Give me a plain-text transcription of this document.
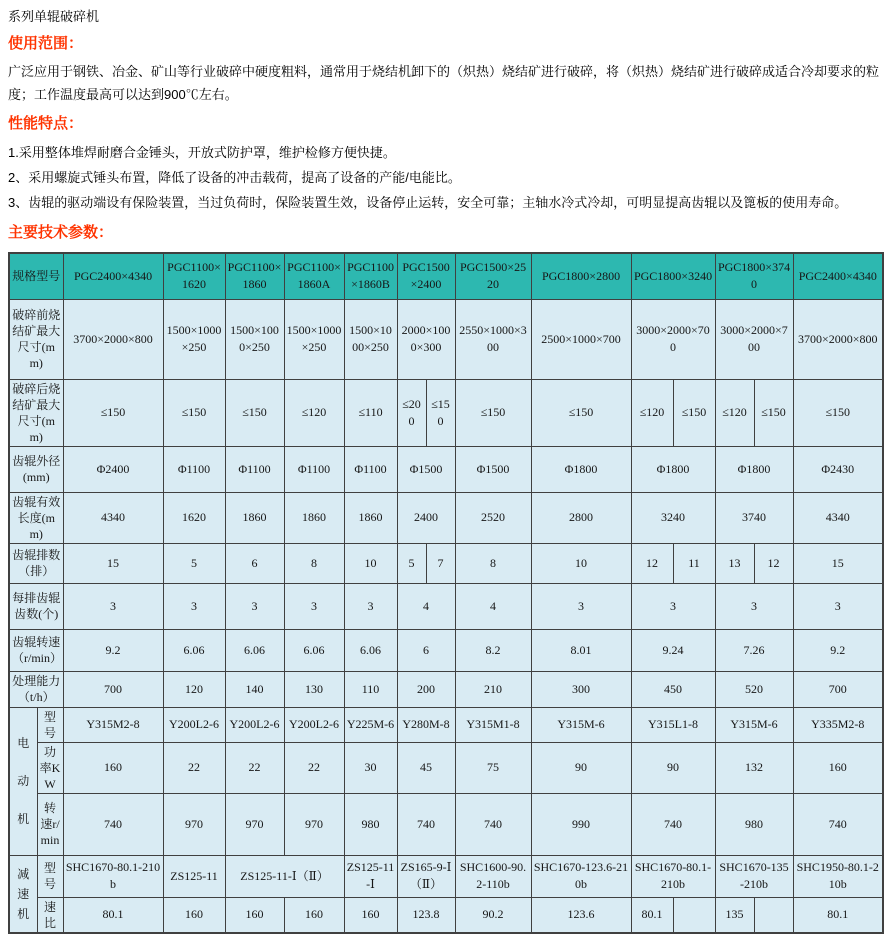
系列单辊破碎机
使用范围：

广泛应用于钢铁、冶金、矿山等行业破碎中硬度粗料，通常用于烧结机卸下的（炽热）烧结矿进行破碎，将（炽热）烧结矿进行破碎成适合冷却要求的粒度；工作温度最高可以达到900℃左右。

性能特点：

1.采用整体堆焊耐磨合金锤头，开放式防护罩，维护检修方便快捷。

2、采用螺旋式锤头布置，降低了设备的冲击载荷，提高了设备的产能/电能比。

3、齿辊的驱动端设有保险装置，当过负荷时，保险装置生效，设备停止运转，安全可靠；主轴水冷式冷却，可明显提高齿辊以及篦板的使用寿命。

主要技术参数：
规格型号		PGC2400×4340	PGC1100×1620	PGC1100×1860	PGC1100×1860A	PGC1100×1860B	PGC1500×2400		PGC1500×2520	PGC1800×2800	PGC1800×3240		PGC1800×3740		PGC2400×4340
破碎前烧结矿最大尺寸(mm)		3700×2000×800	1500×1000×250	1500×1000×250	1500×1000×250	1500×1000×250	2000×1000×300		2550×1000×300	2500×1000×700	3000×2000×700		3000×2000×700		3700×2000×800
破碎后烧结矿最大尺寸(mm)		≤150	≤150	≤150	≤120	≤110	≤200	≤150	≤150	≤150	≤120	≤150	≤120	≤150	≤150
齿辊外径(mm)		Φ2400	Φ1100	Φ1100	Φ1100	Φ1100	Φ1500		Φ1500	Φ1800	Φ1800		Φ1800		Φ2430
齿辊有效长度(mm)		4340	1620	1860	1860	1860	2400		2520	2800	3240		3740		4340
齿辊排数（排）		15	5	6	8	10	5	7	8	10	12	11	13	12	15
每排齿辊齿数(个)		3	3	3	3	3	4		4	3	3		3		3
齿辊转速（r/min）		9.2	6.06	6.06	6.06	6.06	6		8.2	8.01	9.24		7.26		9.2
处理能力（t/h）		700	120	140	130	110	200		210	300	450		520		700
电动机	型号	Y315M2-8	Y200L2-6	Y200L2-6	Y200L2-6	Y225M-6	Y280M-8		Y315M1-8	Y315M-6	Y315L1-8		Y315M-6		Y335M2-8
	功率KW	160	22	22	22	30	45		75	90	90		132		160
	转速r/min	740	970	970	970	980	740		740	990	740		980		740
减速机	型号	SHC1670-80.1-210b	ZS125-11	ZS125-11-Ⅰ（Ⅱ）		ZS125-11-Ⅰ	ZS165-9-Ⅰ（Ⅱ）		SHC1600-90.2-110b	SHC1670-123.6-210b	SHC1670-80.1-210b		SHC1670-135-210b		SHC1950-80.1-210b
	速比	80.1	160	160	160	160	123.8		90.2	123.6	80.1		135		80.1
